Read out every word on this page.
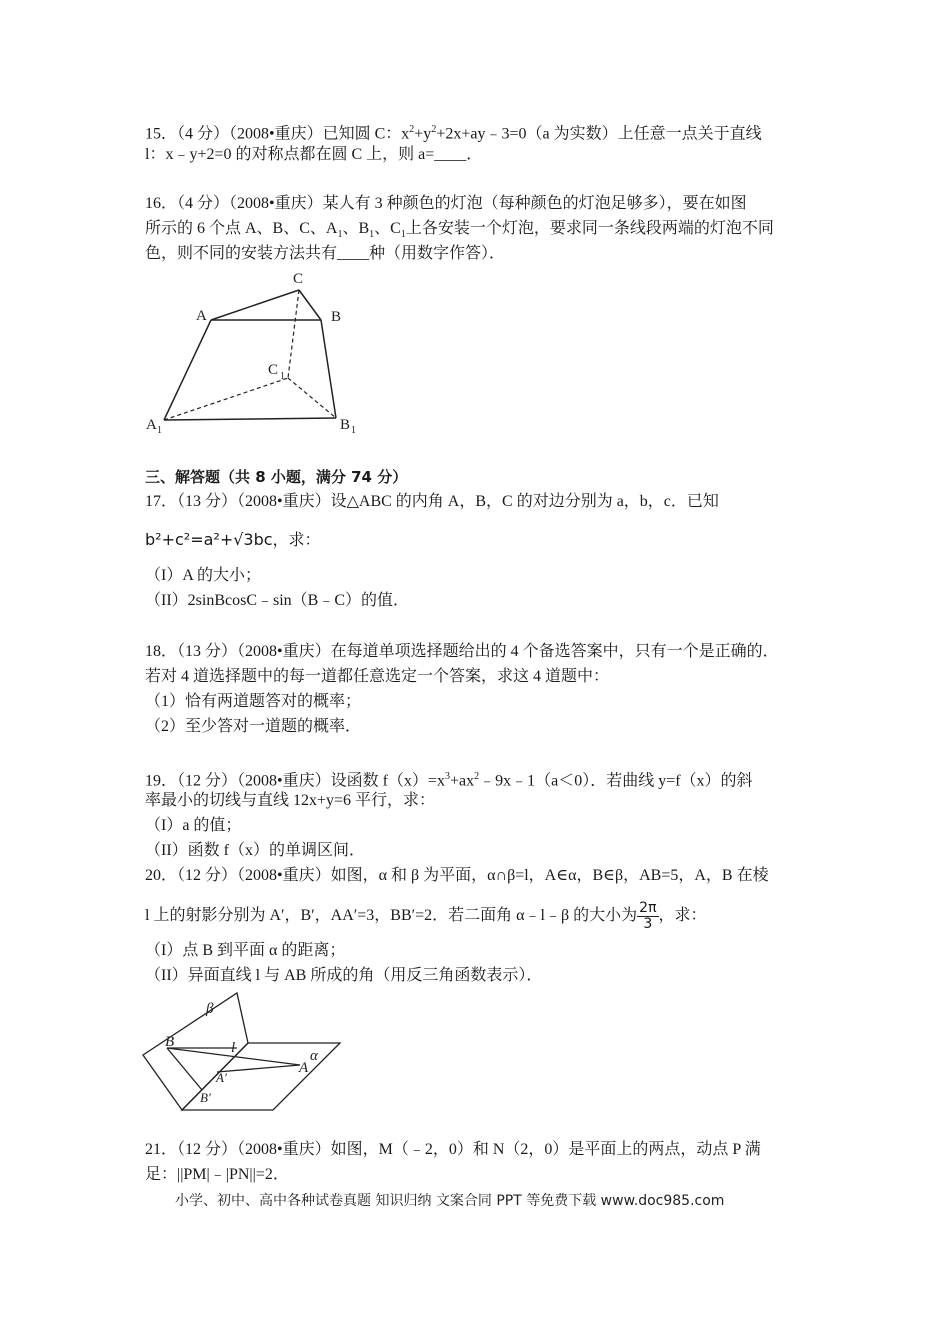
15．（4 分）（2008•重庆）已知圆 C：$x^2+y^2+2x+ay﹣3=0(a$ 为实数）上任意一点关于直线
l：x﹣y+2=0 的对称点都在圆 C 上，则 a=____．
16．（4 分）（2008•重庆）某人有 3 种颜色的灯泡（每种颜色的灯泡足够多），要在如图
所示的 6 个点 A、B、C、$A_1$、$B_1$、$C_1$上各安装一个灯泡，要求同一条线段两端的灯泡不同
色，则不同的安装方法共有____种（用数字作答）．
C
A	B
C 1
A 1	B 1
三、解答题（共 8 小题，满分 74 分）
17．（13 分）（2008•重庆）设△ABC 的内角 A，B，C 的对边分别为 a，b，c．已知
b²+c²=a²+√3bc，求：
（I）A 的大小；
（II）2sinBcosC﹣sin（B﹣C）的值．
18．（13 分）（2008•重庆）在每道单项选择题给出的 4 个备选答案中，只有一个是正确的．
若对 4 道选择题中的每一道都任意选定一个答案，求这 4 道题中：
（1）恰有两道题答对的概率；
（2）至少答对一道题的概率．
19．（12 分）（2008•重庆）设函数 $f(x)=x^3+ax^2﹣9x﹣1(a<0)$．若曲线 y=f（x）的斜
率最小的切线与直线 12x+y=6 平行，求：
（I）a 的值；
（II）函数 f（x）的单调区间．
20．（12 分）（2008•重庆）如图，α 和 β 为平面，α∩β=l，A∈α，B∈β，AB=5，A，B 在棱
l 上的射影分别为 A′，B′，AA′=3，BB′=2．若二面角 α﹣l﹣β 的大小为 $\frac{2\pi}{3}$ ，求：
（I）点 B 到平面 α 的距离；
（II）异面直线 l 与 AB 所成的角（用反三角函数表示）．
β
α
l
B
A
A′
B′
21．（12 分）（2008•重庆）如图，M（﹣2，0）和 N（2，0）是平面上的两点，动点 P 满
足：||PM|﹣|PN||=2．
小学、初中、高中各种试卷真题 知识归纳 文案合同 PPT 等免费下载 www.doc985.com
